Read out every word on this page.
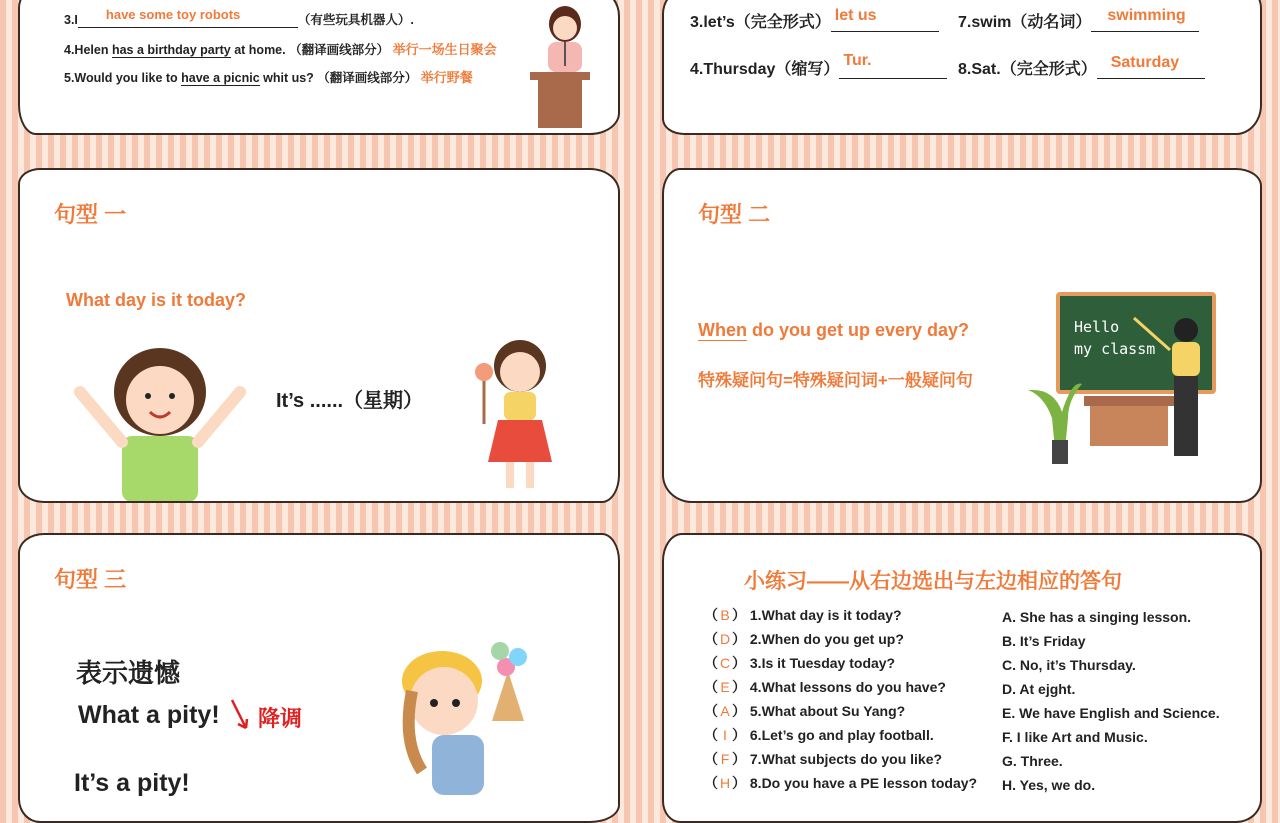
3.I have some toy robots	（有些玩具机器人）.
4.Helen has a birthday party at home. （翻译画线部分） 举行一场生日聚会
5.Would you like to have a picnic whit us? （翻译画线部分） 举行野餐
3.let’s（完全形式） let us	7.swim（动名词） swimming
4.Thursday（缩写）
Tur.
8.Sat.（完全形式） Saturday
句型 一
What day is it today?
It’s ......（星期）
句型 二
When do you get up every day?
特殊疑问句=特殊疑问词+一般疑问句
Hello
my classm
句型 三
表示遗憾
What a pity! 降调
It’s a pity!
小练习——从右边选出与左边相应的答句
（ B ） 1.What day is it today?
（ D ） 2.When do you get up?
（ C ） 3.Is it Tuesday today?
（ E ） 4.What lessons do you have?
（ A ） 5.What about Su Yang?
（ I ） 6.Let’s go and play football.
（ F ） 7.What subjects do you like?
（ H ） 8.Do you have a PE lesson today?
A. She has a singing lesson.
B. It’s Friday
C. No, it’s Thursday.
D. At ejght.
E. We have English and Science.
F. I like Art and Music.
G. Three.
H. Yes, we do.
